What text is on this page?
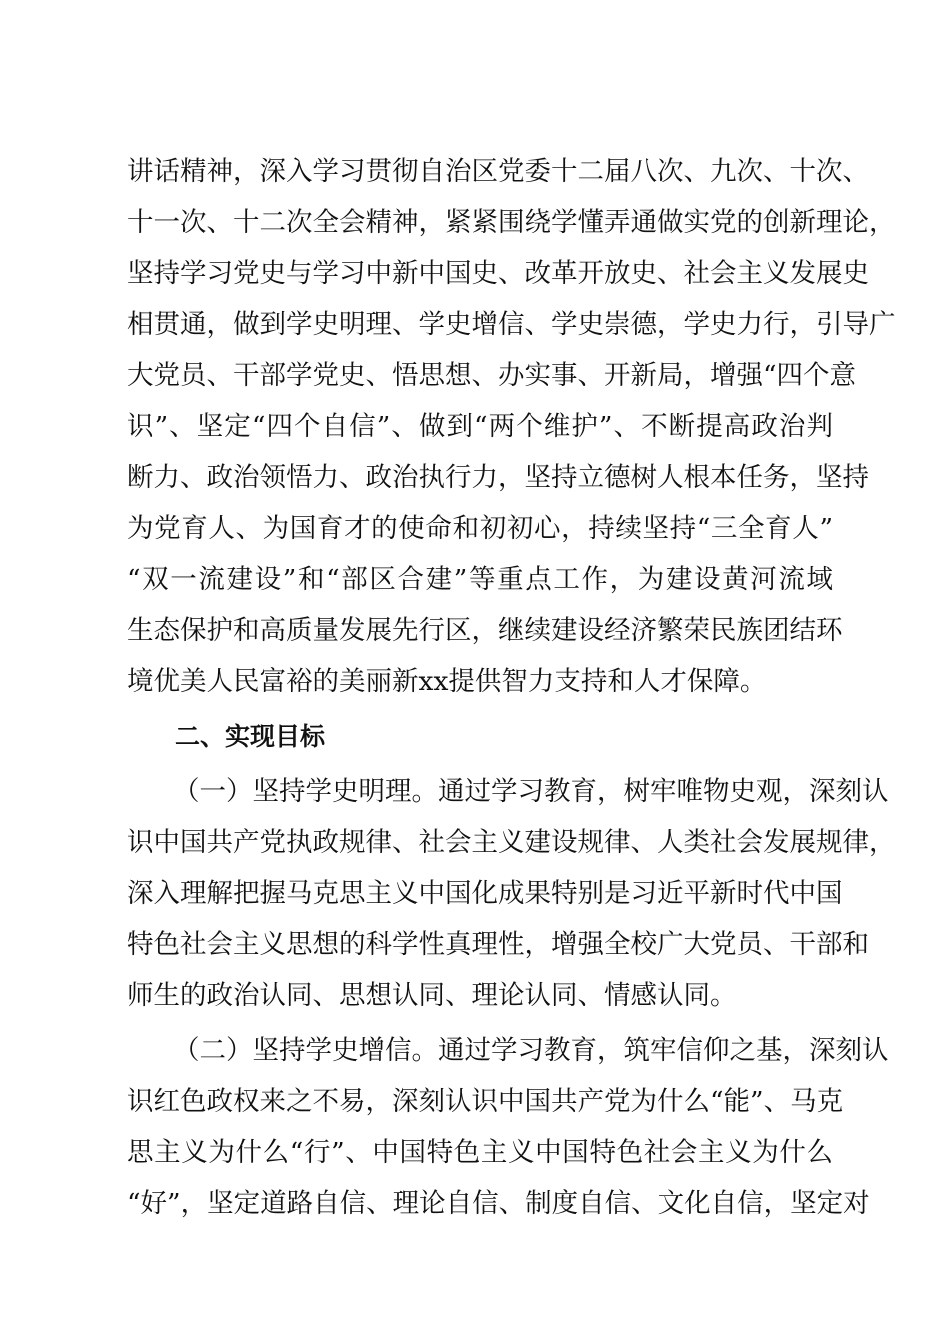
讲话精神，深入学习贯彻自治区党委十二届八次、九次、十次、
十一次、十二次全会精神，紧紧围绕学懂弄通做实党的创新理论，
坚持学习党史与学习中新中国史、改革开放史、社会主义发展史
相贯通，做到学史明理、学史增信、学史崇德，学史力行，引导广
大党员、干部学党史、悟思想、办实事、开新局，增强“四个意
识”、坚定“四个自信”、做到“两个维护”、不断提高政治判
断力、政治领悟力、政治执行力，坚持立德树人根本任务，坚持
为党育人、为国育才的使命和初初心，持续坚持“三全育人”
“双一流建设”和“部区合建”等重点工作，为建设黄河流域
生态保护和高质量发展先行区，继续建设经济繁荣民族团结环
境优美人民富裕的美丽新xx提供智力支持和人才保障。
二、实现目标
（一）坚持学史明理。通过学习教育，树牢唯物史观，深刻认
识中国共产党执政规律、社会主义建设规律、人类社会发展规律，
深入理解把握马克思主义中国化成果特别是习近平新时代中国
特色社会主义思想的科学性真理性，增强全校广大党员、干部和
师生的政治认同、思想认同、理论认同、情感认同。
（二）坚持学史增信。通过学习教育，筑牢信仰之基，深刻认
识红色政权来之不易，深刻认识中国共产党为什么“能”、马克
思主义为什么“行”、中国特色主义中国特色社会主义为什么
“好”，坚定道路自信、理论自信、制度自信、文化自信，坚定对
